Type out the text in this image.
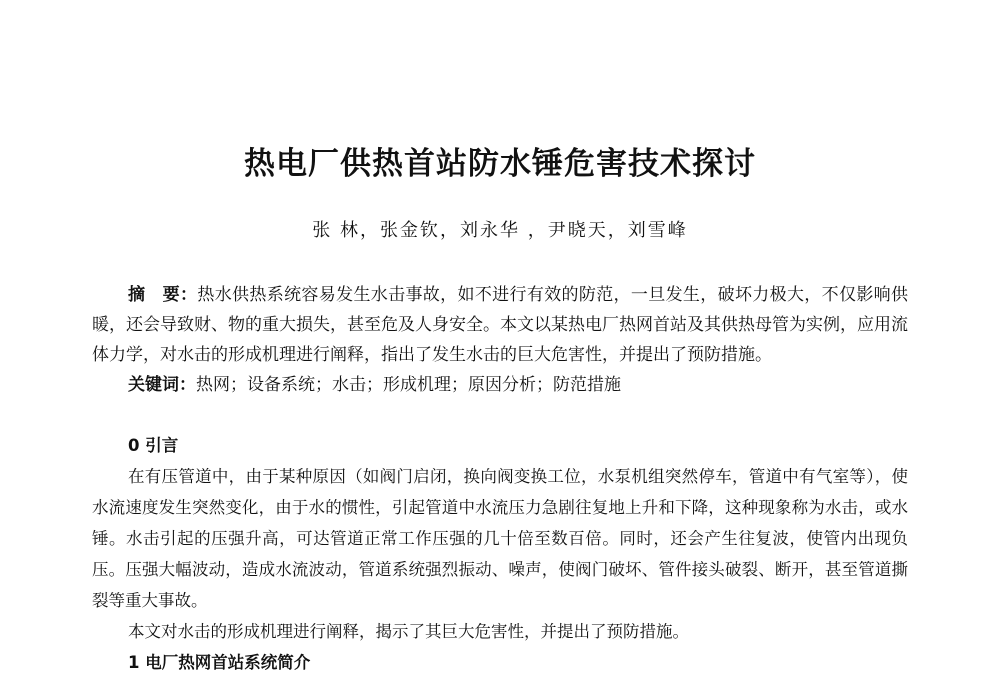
热电厂供热首站防水锤危害技术探讨
张 林，张金钦，刘永华 ，尹晓天，刘雪峰

摘　要：热水供热系统容易发生水击事故，如不进行有效的防范，一旦发生，破坏力极大，不仅影响供暖，还会导致财、物的重大损失，甚至危及人身安全。本文以某热电厂热网首站及其供热母管为实例，应用流体力学，对水击的形成机理进行阐释，指出了发生水击的巨大危害性，并提出了预防措施。

关键词：热网；设备系统；水击；形成机理；原因分析；防范措施

0 引言

在有压管道中，由于某种原因（如阀门启闭，换向阀变换工位，水泵机组突然停车，管道中有气室等），使水流速度发生突然变化，由于水的惯性，引起管道中水流压力急剧往复地上升和下降，这种现象称为水击，或水锤。水击引起的压强升高，可达管道正常工作压强的几十倍至数百倍。同时，还会产生往复波，使管内出现负压。压强大幅波动，造成水流波动，管道系统强烈振动、噪声，使阀门破坏、管件接头破裂、断开，甚至管道撕裂等重大事故。

本文对水击的形成机理进行阐释，揭示了其巨大危害性，并提出了预防措施。

1 电厂热网首站系统简介
